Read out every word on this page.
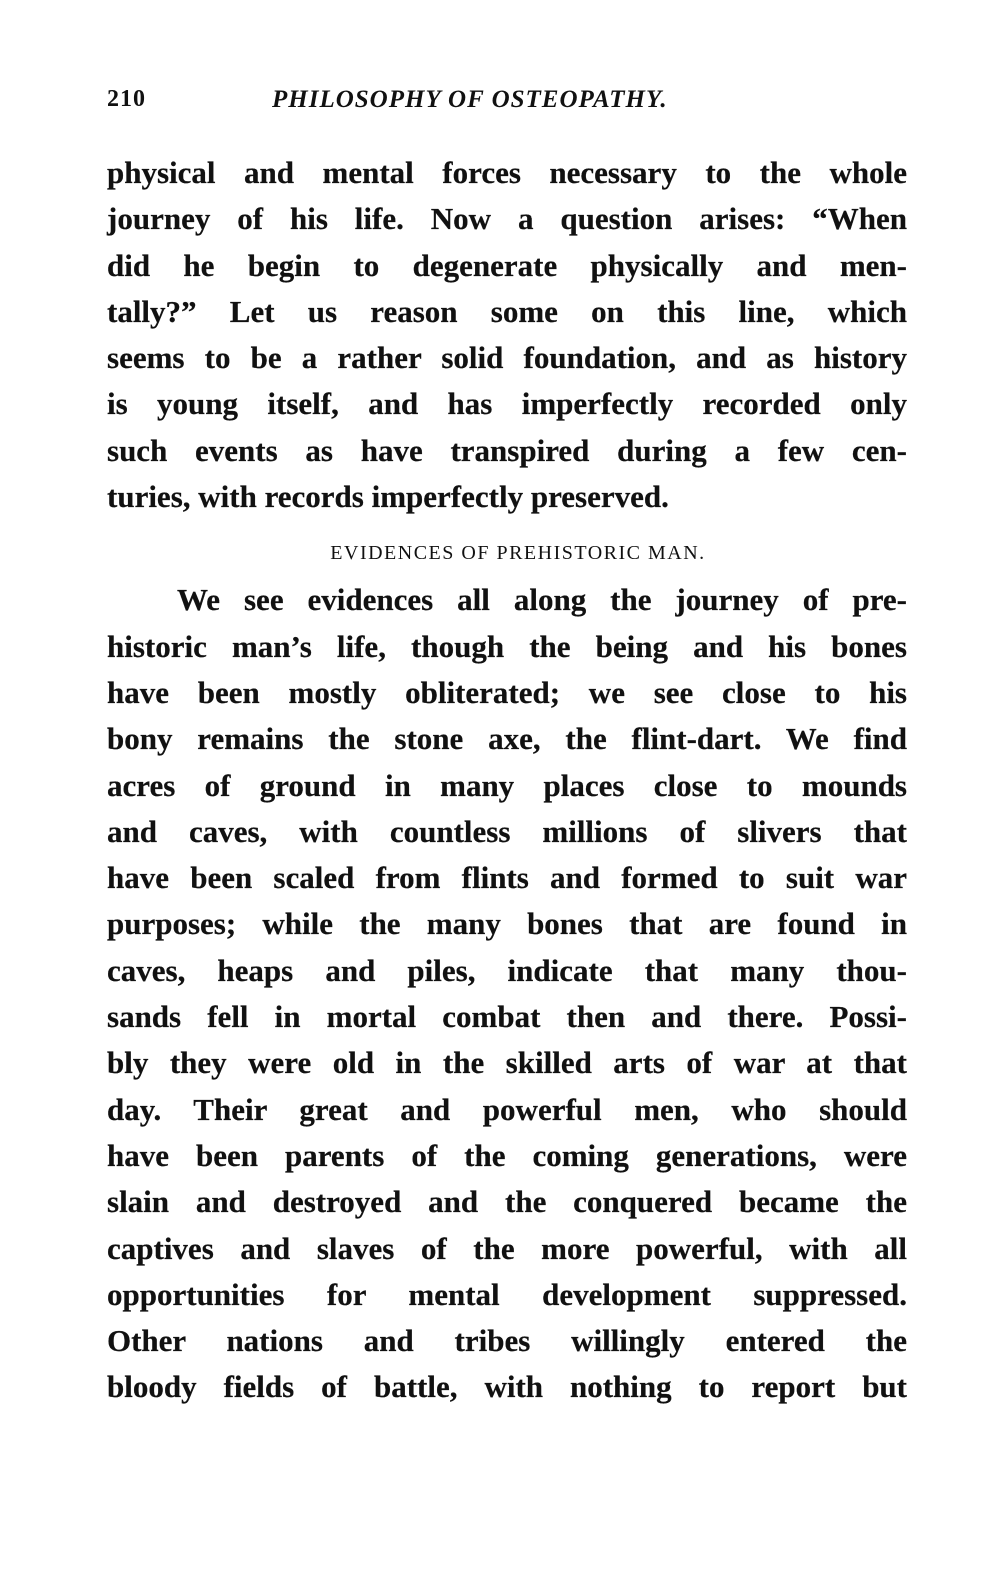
210	PHILOSOPHY OF OSTEOPATHY.
physical and mental forces necessary to the whole
journey of his life. Now a question arises: “When
did he begin to degenerate physically and men-
tally?” Let us reason some on this line, which
seems to be a rather solid foundation, and as history
is young itself, and has imperfectly recorded only
such events as have transpired during a few cen-
turies, with records imperfectly preserved.
EVIDENCES OF PREHISTORIC MAN.
We see evidences all along the journey of pre-
historic man’s life, though the being and his bones
have been mostly obliterated; we see close to his
bony remains the stone axe, the flint-dart. We find
acres of ground in many places close to mounds
and caves, with countless millions of slivers that
have been scaled from flints and formed to suit war
purposes; while the many bones that are found in
caves, heaps and piles, indicate that many thou-
sands fell in mortal combat then and there. Possi-
bly they were old in the skilled arts of war at that
day. Their great and powerful men, who should
have been parents of the coming generations, were
slain and destroyed and the conquered became the
captives and slaves of the more powerful, with all
opportunities for mental development suppressed.
Other nations and tribes willingly entered the
bloody fields of battle, with nothing to report but
